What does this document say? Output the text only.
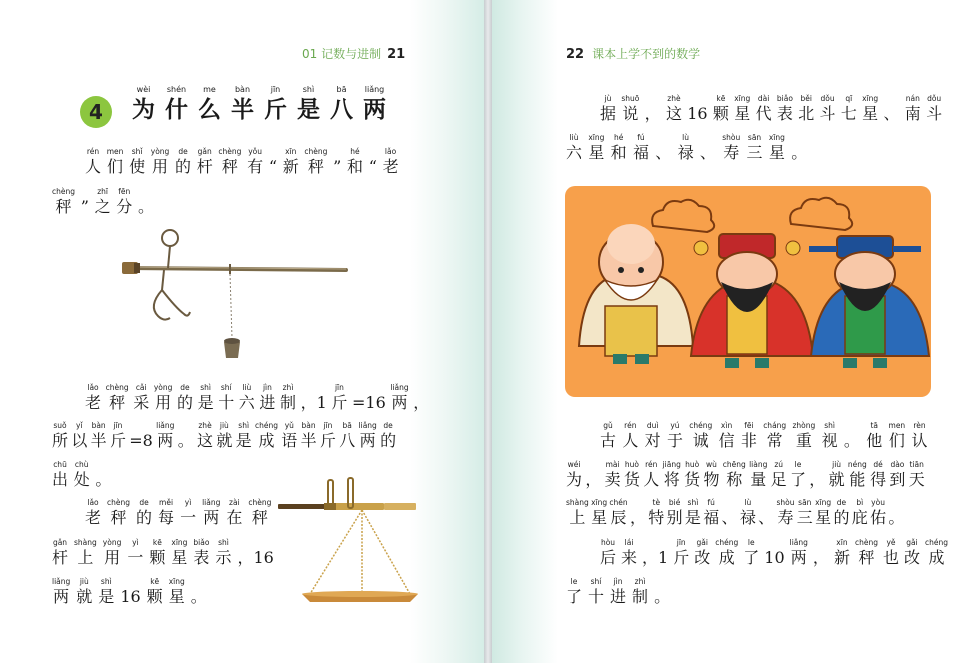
01 记数与进制 21	22 课本上学不到的数学
4
wèi
为
shén
什
me
么
bàn
半
jīn
斤
shì
是
bā
八
liǎng
两
rén
人
men
们
shǐ
使
yòng
用
de
的
gǎn
杆
chèng
秤
yǒu
有 “
xīn
新
chèng
秤 ”
hé
和 “
lǎo
老
chèng
秤 ”
zhī
之
fēn
分 。
lǎo
老
chèng
秤
cǎi
采
yòng
用
de
的
shì
是
shí
十
liù
六
jìn
进
zhì
制 ，1
jīn
斤 =16
liǎng
两 ，
suǒ
所
yǐ
以
bàn
半
jīn
斤 =8
liǎng
两 。
zhè
这
jiù
就
shì
是
chéng
成
yǔ
语
bàn
半
jīn
斤
bā
八
liǎng
两
de
的
chū
出
chù
处 。
lǎo
老
chèng
秤
de
的
měi
每
yì
一
liǎng
两
zài
在
chèng
秤
gǎn
杆
shàng
上
yòng
用
yì
一
kē
颗
xīng
星
biǎo
表
shì
示 ，16
liǎng
两
jiù
就
shì
是 16
kē
颗
xīng
星 。
jù
据
shuō
说 ，
zhè
这 16
kē
颗
xīng
星
dài
代
biǎo
表
běi
北
dǒu
斗
qī
七
xīng
星 、
nán
南
dǒu
斗
liù
六
xīng
星
hé
和
fú
福 、
lù
禄 、
shòu
寿
sān
三
xīng
星 。
gǔ
古
rén
人
duì
对
yú
于
chéng
诚
xìn
信
fēi
非
cháng
常
zhòng
重
shì
视 。
tā
他
men
们
rèn
认
wéi
为 ，
mài
卖
huò
货
rén
人
jiāng
将
huò
货
wù
物
chēng
称
liàng
量
zú
足
le
了 ，
jiù
就
néng
能
dé
得
dào
到
tiān
天
shàng
上
xīng
星
chén
辰 ，
tè
特
bié
别
shì
是
fú
福 、
lù
禄 、
shòu
寿
sān
三
xīng
星
de
的
bì
庇
yòu
佑 。
hòu
后
lái
来 ，1
jīn
斤
gǎi
改
chéng
成
le
了 10
liǎng
两 ，
xīn
新
chèng
秤
yě
也
gǎi
改
chéng
成
le
了
shí
十
jìn
进
zhì
制 。
